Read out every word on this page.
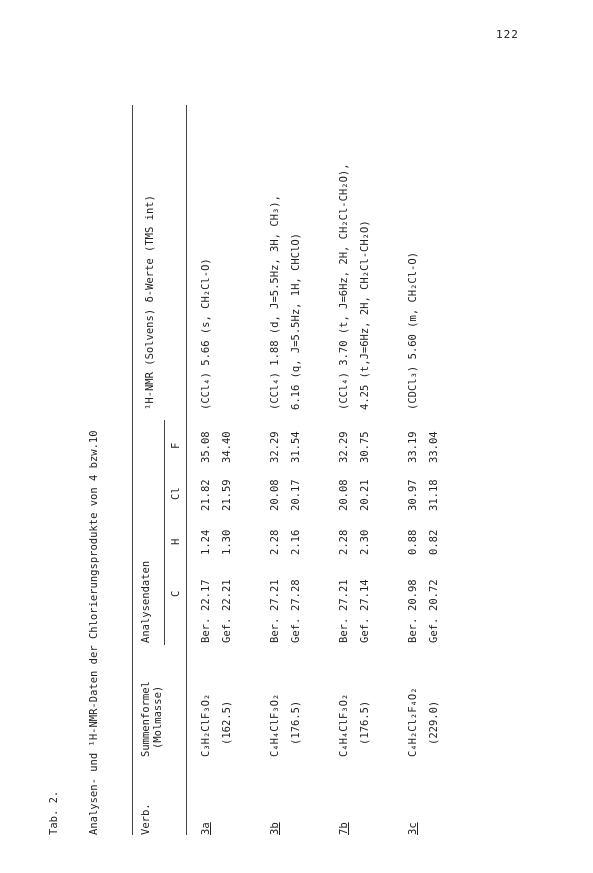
122
Tab. 2.	Analysen- und ¹H-NMR-Daten der Chlorierungsprodukte von 4 bzw.10	Verb.
Summenformel (Molmasse)
Analysendaten C
H
Cl
F
¹H-NMR (Solvens) δ-Werte (TMS int)
3a
C₃H₂ClF₃O₂ (162.5)
Ber.
22.17
1.24
21.82
35.08
Gef.
22.21
1.30
21.59
34.40
(CCl₄) 5.66 (s, CH₂Cl-O)
3b
C₄H₄ClF₃O₂ (176.5)
Ber.
27.21
2.28
20.08
32.29
Gef.
27.28
2.16
20.17
31.54
(CCl₄) 1.88 (d, J=5.5Hz, 3H, CH₃), 6.16 (q, J=5.5Hz, 1H, CHClO)
7b
C₄H₄ClF₃O₂ (176.5)
Ber.
27.21
2.28
20.08
32.29
Gef.
27.14
2.30
20.21
30.75
(CCl₄) 3.70 (t, J=6Hz, 2H, CH₂Cl-CH₂O), 4.25 (t,J=6Hz, 2H, CH₂Cl-CH₂O)
3c
C₄H₂Cl₂F₄O₂ (229.0)
Ber.
20.98
0.88
30.97
33.19
Gef.
20.72
0.82
31.18
33.04
(CDCl₃) 5.60 (m, CH₂Cl-O)
